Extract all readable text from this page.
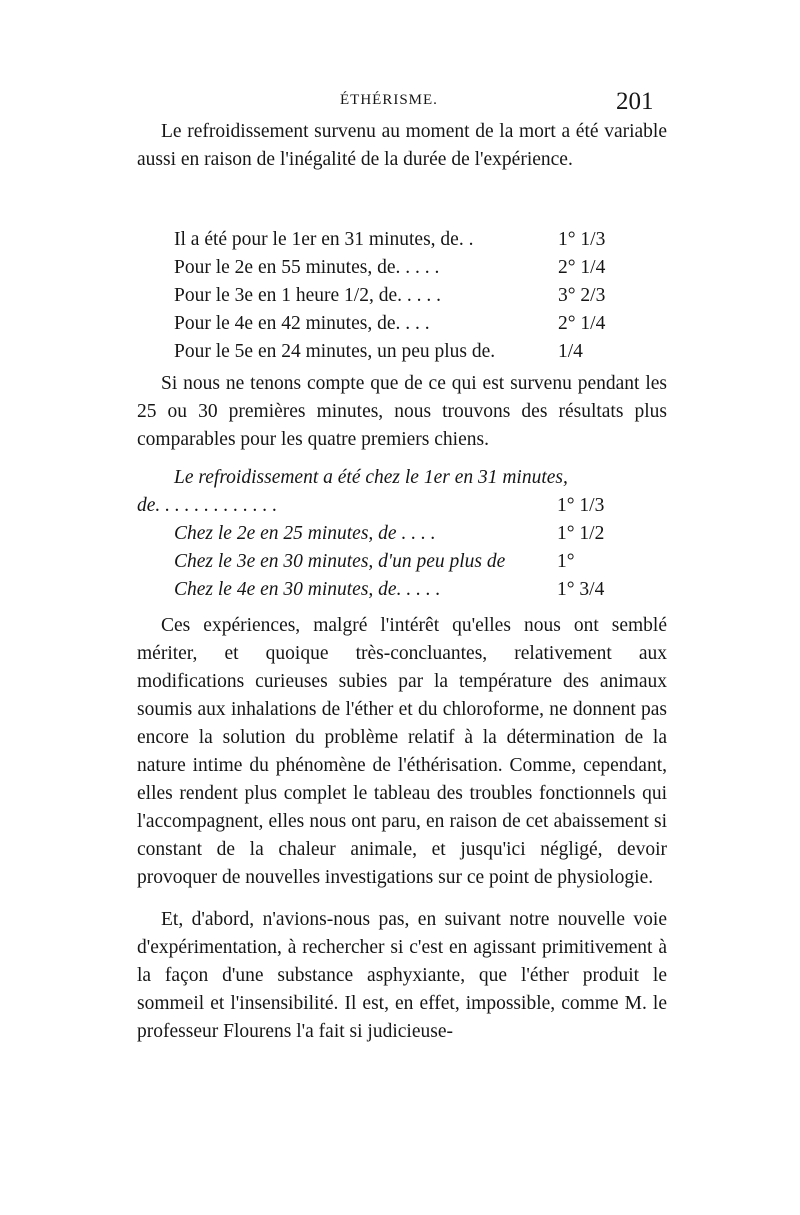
ÉTHÉRISME.	201

Le refroidissement survenu au moment de la mort a été variable aussi en raison de l'inégalité de la durée de l'expérience.

Il a été pour le 1er en 31 minutes, de. .	1° 1/3
Pour le 2e en 55 minutes, de. . . . .	2° 1/4
Pour le 3e en 1 heure 1/2, de. . . . .	3° 2/3
Pour le 4e en 42 minutes, de. . . .	2° 1/4
Pour le 5e en 24 minutes, un peu plus de.	1/4

Si nous ne tenons compte que de ce qui est survenu pendant les 25 ou 30 premières minutes, nous trouvons des résultats plus comparables pour les quatre premiers chiens.

Le refroidissement a été chez le 1er en 31 minutes,
de. . . . . . . . . . . . .	1° 1/3
Chez le 2e en 25 minutes, de . . . .	1° 1/2
Chez le 3e en 30 minutes, d'un peu plus de	1°
Chez le 4e en 30 minutes, de. . . . .	1° 3/4

Ces expériences, malgré l'intérêt qu'elles nous ont semblé mériter, et quoique très-concluantes, relativement aux modifications curieuses subies par la température des animaux soumis aux inhalations de l'éther et du chloroforme, ne donnent pas encore la solution du problème relatif à la détermination de la nature intime du phénomène de l'éthérisation. Comme, cependant, elles rendent plus complet le tableau des troubles fonctionnels qui l'accompagnent, elles nous ont paru, en raison de cet abaissement si constant de la chaleur animale, et jusqu'ici négligé, devoir provoquer de nouvelles investigations sur ce point de physiologie.

Et, d'abord, n'avions-nous pas, en suivant notre nouvelle voie d'expérimentation, à rechercher si c'est en agissant primitivement à la façon d'une substance asphyxiante, que l'éther produit le sommeil et l'insensibilité. Il est, en effet, impossible, comme M. le professeur Flourens l'a fait si judicieuse-
